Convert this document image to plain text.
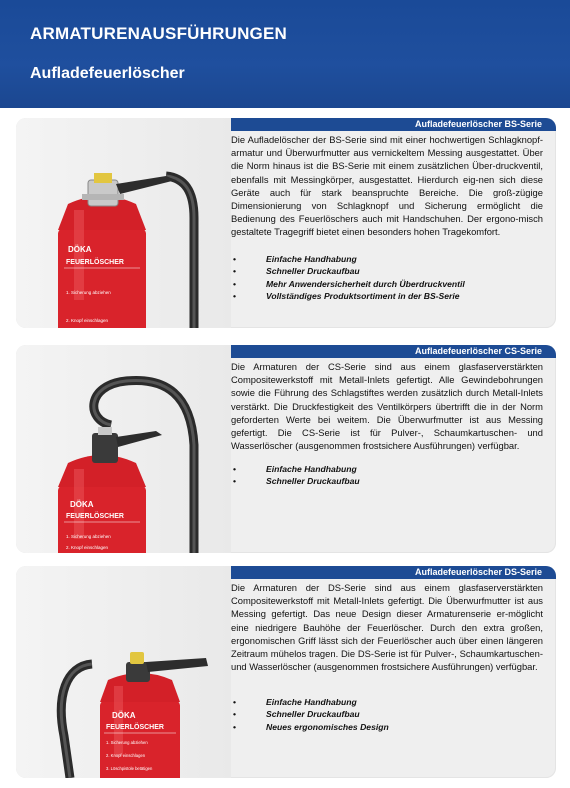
ARMATURENAUSFÜHRUNGEN
Aufladefeuerlöscher
DÖKA
FEUERLÖSCHER
1. Sicherung abziehen
2. Knopf einschlagen
Aufladefeuerlöscher BS-Serie
Die Aufladelöscher der BS-Serie sind mit einer hochwertigen Schlagknopf-armatur und Überwurfmutter aus vernickeltem Messing ausgestattet. Über die Norm hinaus ist die BS-Serie mit einem zusätzlichen Über-druckventil, ebenfalls mit Messingkörper, ausgestattet. Hierdurch eig-nen sich diese Geräte auch für stark beanspruchte Bereiche. Die groß-zügige Dimensionierung von Schlagknopf und Sicherung ermöglicht die Bedienung des Feuerlöschers auch mit Handschuhen. Der ergono-misch gestaltete Tragegriff bietet einen besonders hohen Tragekomfort.
• Einfache Handhabung
• Schneller Druckaufbau
• Mehr Anwendersicherheit durch Überdruckventil
• Vollständiges Produktsortiment in der BS-Serie
DÖKA
FEUERLÖSCHER
1. Sicherung abziehen
2. Knopf einschlagen
Aufladefeuerlöscher CS-Serie
Die Armaturen der CS-Serie sind aus einem glasfaserverstärkten Compositewerkstoff mit Metall-Inlets gefertigt. Alle Gewindebohrungen sowie die Führung des Schlagstiftes werden zusätzlich durch Metall-Inlets verstärkt. Die Druckfestigkeit des Ventilkörpers übertrifft die in der Norm geforderten Werte bei weitem. Die Überwurfmutter ist aus Messing gefertigt. Die CS-Serie ist für Pulver-, Schaumkartuschen- und Wasserlöscher (ausgenommen frostsichere Ausführungen) verfügbar.
• Einfache Handhabung
• Schneller Druckaufbau
DÖKA
FEUERLÖSCHER
1. Sicherung abziehen
2. Knopf einschlagen
3. Löschpistole betätigen
Aufladefeuerlöscher DS-Serie
Die Armaturen der DS-Serie sind aus einem glasfaserverstärkten Compositewerkstoff mit Metall-Inlets gefertigt. Die Überwurfmutter ist aus Messing gefertigt. Das neue Design dieser Armaturenserie er-möglicht eine niedrigere Bauhöhe der Feuerlöscher. Durch den extra großen, ergonomischen Griff lässt sich der Feuerlöscher auch über einen längeren Zeitraum mühelos tragen. Die DS-Serie ist für Pulver-, Schaumkartuschen- und Wasserlöscher (ausgenommen frostsichere Ausführungen) verfügbar.
• Einfache Handhabung
• Schneller Druckaufbau
• Neues ergonomisches Design
